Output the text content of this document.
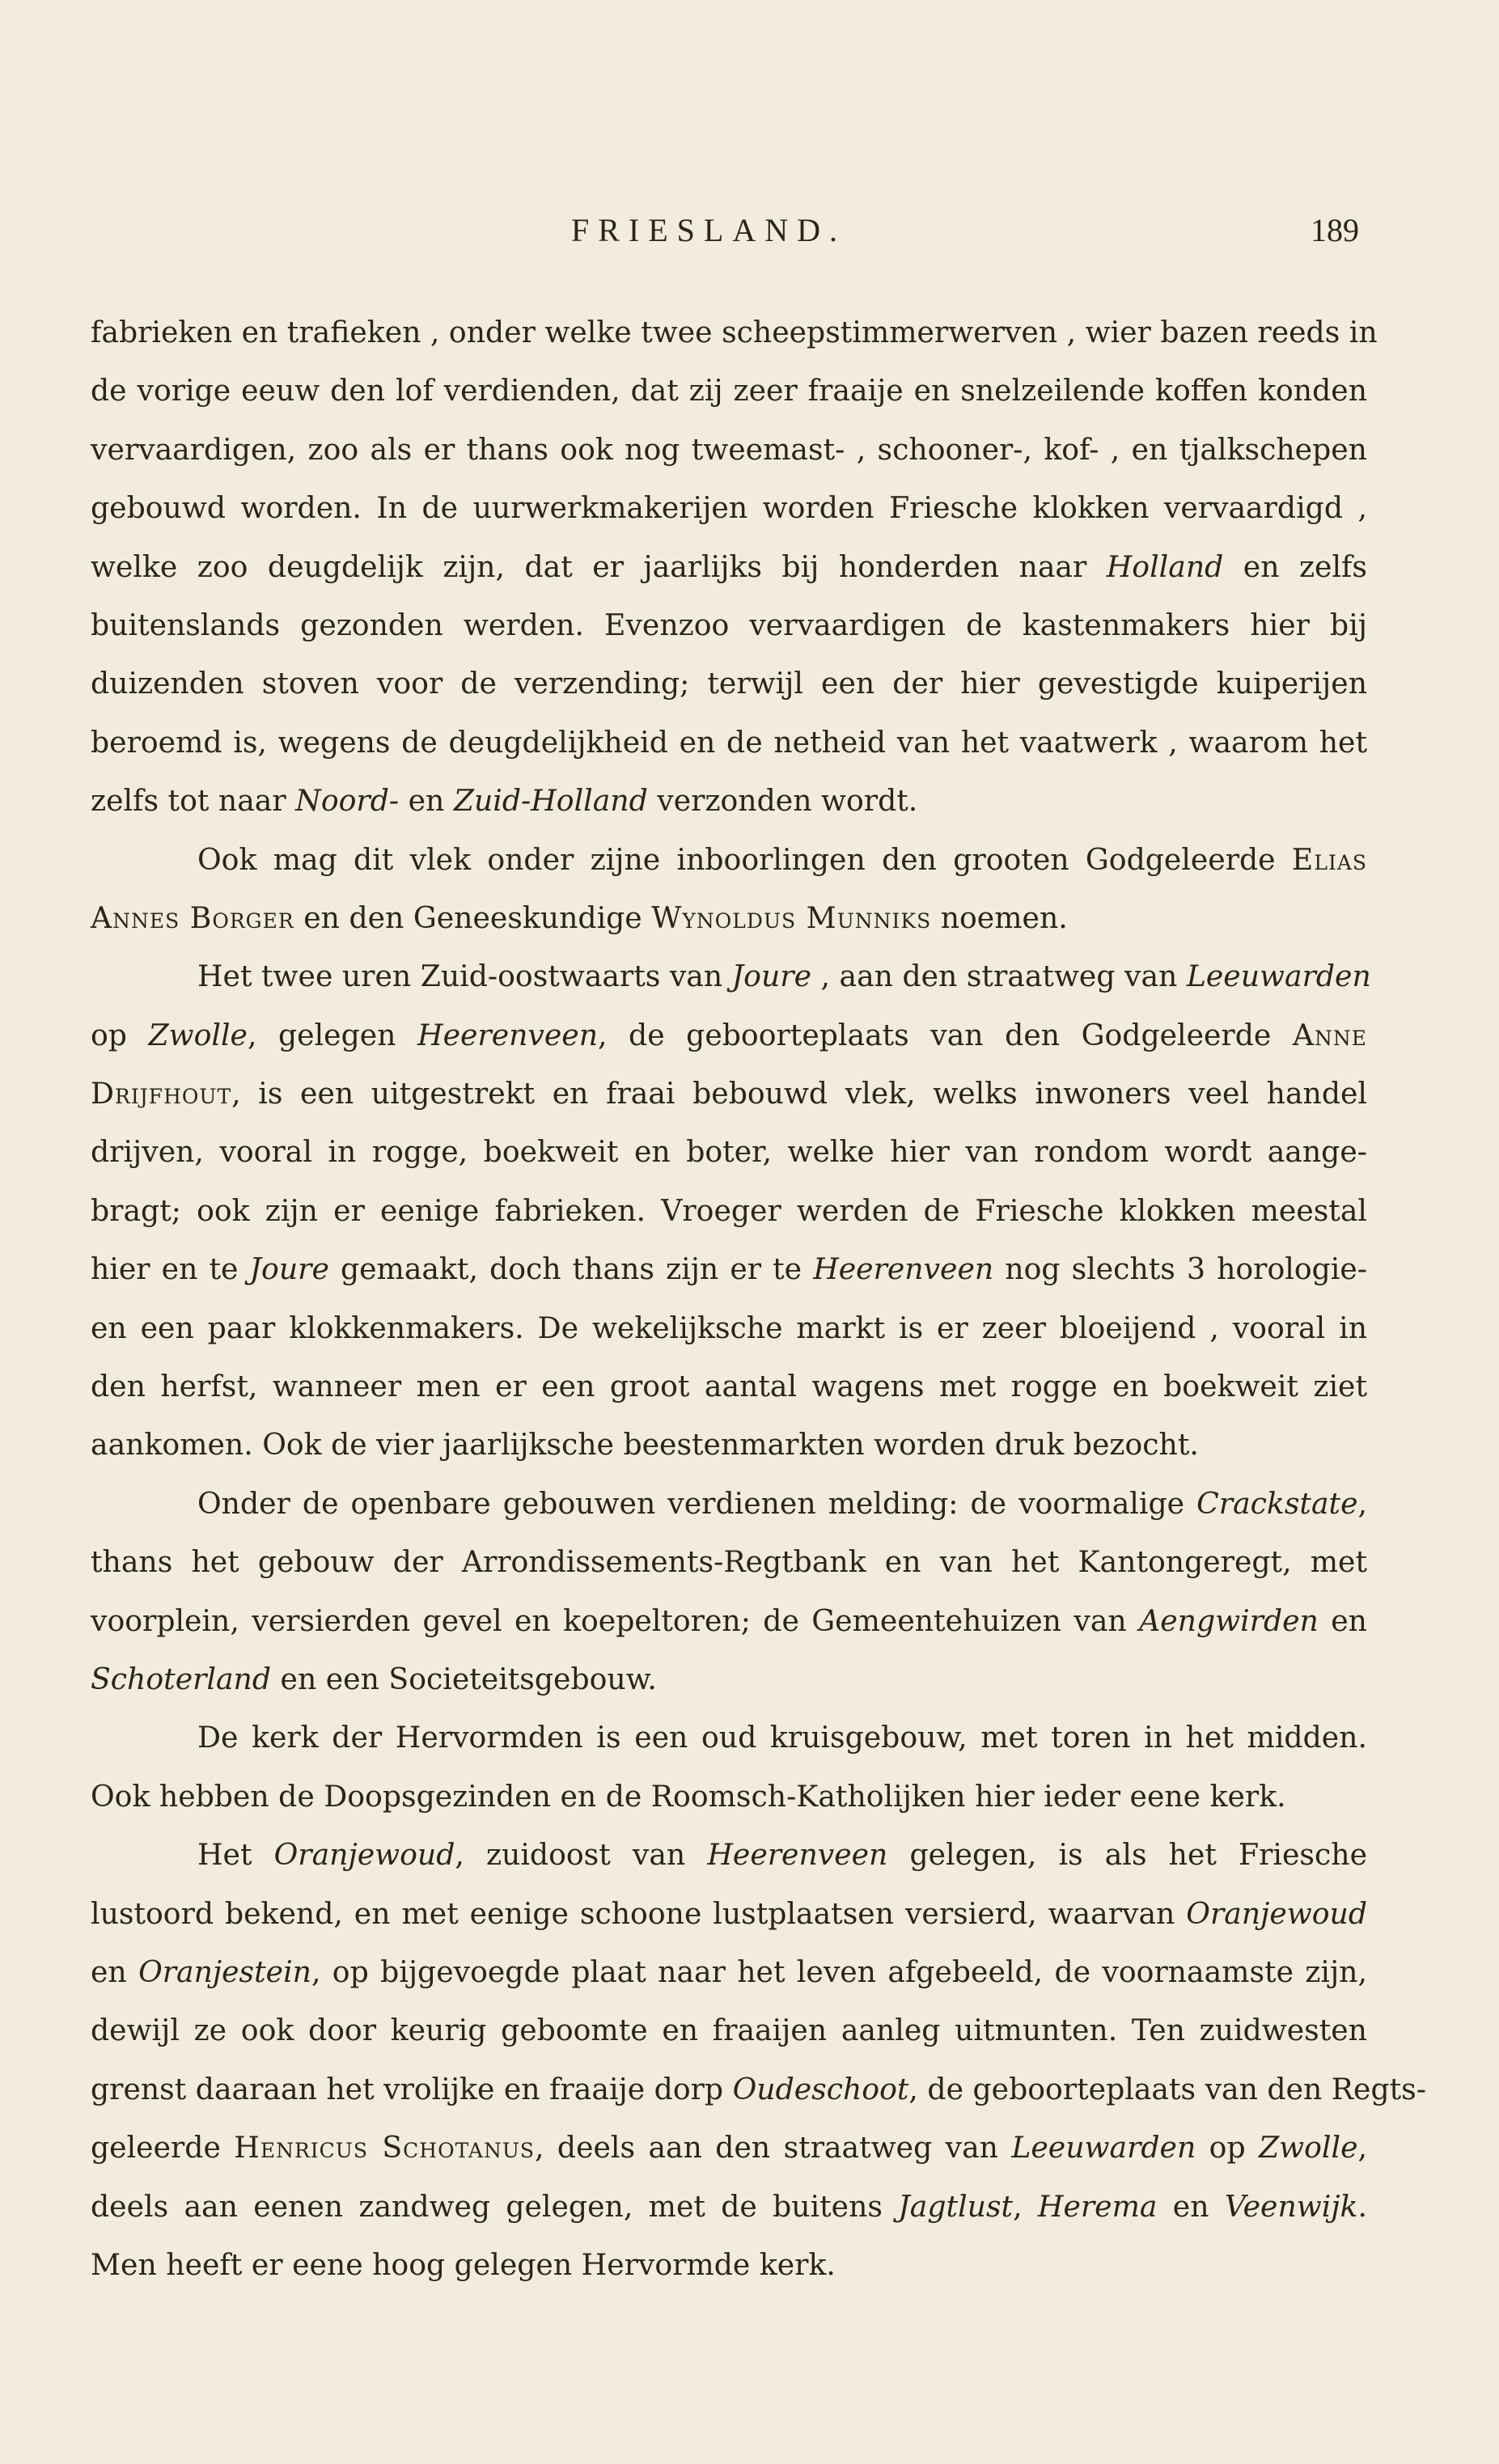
FRIESLAND.	189
fabrieken en trafieken , onder welke twee scheepstimmerwerven , wier bazen reeds in
de vorige eeuw den lof verdienden, dat zij zeer fraaije en snelzeilende koffen konden
vervaardigen, zoo als er thans ook nog tweemast- , schooner-, kof- , en tjalkschepen
gebouwd worden. In de uurwerkmakerijen worden Friesche klokken vervaardigd ,
welke zoo deugdelijk zijn, dat er jaarlijks bij honderden naar Holland en zelfs
buitenslands gezonden werden. Evenzoo vervaardigen de kastenmakers hier bij
duizenden stoven voor de verzending; terwijl een der hier gevestigde kuiperijen
beroemd is, wegens de deugdelijkheid en de netheid van het vaatwerk , waarom het
zelfs tot naar Noord- en Zuid-Holland verzonden wordt.
Ook mag dit vlek onder zijne inboorlingen den grooten Godgeleerde Elias
Annes Borger en den Geneeskundige Wynoldus Munniks noemen.
Het twee uren Zuid-oostwaarts van Joure , aan den straatweg van Leeuwarden
op Zwolle, gelegen Heerenveen, de geboorteplaats van den Godgeleerde Anne
Drijfhout, is een uitgestrekt en fraai bebouwd vlek, welks inwoners veel handel
drijven, vooral in rogge, boekweit en boter, welke hier van rondom wordt aange-
bragt; ook zijn er eenige fabrieken. Vroeger werden de Friesche klokken meestal
hier en te Joure gemaakt, doch thans zijn er te Heerenveen nog slechts 3 horologie-
en een paar klokkenmakers. De wekelijksche markt is er zeer bloeijend , vooral in
den herfst, wanneer men er een groot aantal wagens met rogge en boekweit ziet
aankomen. Ook de vier jaarlijksche beestenmarkten worden druk bezocht.
Onder de openbare gebouwen verdienen melding: de voormalige Crackstate,
thans het gebouw der Arrondissements-Regtbank en van het Kantongeregt, met
voorplein, versierden gevel en koepeltoren; de Gemeentehuizen van Aengwirden en
Schoterland en een Societeitsgebouw.
De kerk der Hervormden is een oud kruisgebouw, met toren in het midden.
Ook hebben de Doopsgezinden en de Roomsch-Katholijken hier ieder eene kerk.
Het Oranjewoud, zuidoost van Heerenveen gelegen, is als het Friesche
lustoord bekend, en met eenige schoone lustplaatsen versierd, waarvan Oranjewoud
en Oranjestein, op bijgevoegde plaat naar het leven afgebeeld, de voornaamste zijn,
dewijl ze ook door keurig geboomte en fraaijen aanleg uitmunten. Ten zuidwesten
grenst daaraan het vrolijke en fraaije dorp Oudeschoot, de geboorteplaats van den Regts-
geleerde Henricus Schotanus, deels aan den straatweg van Leeuwarden op Zwolle,
deels aan eenen zandweg gelegen, met de buitens Jagtlust, Herema en Veenwijk.
Men heeft er eene hoog gelegen Hervormde kerk.
